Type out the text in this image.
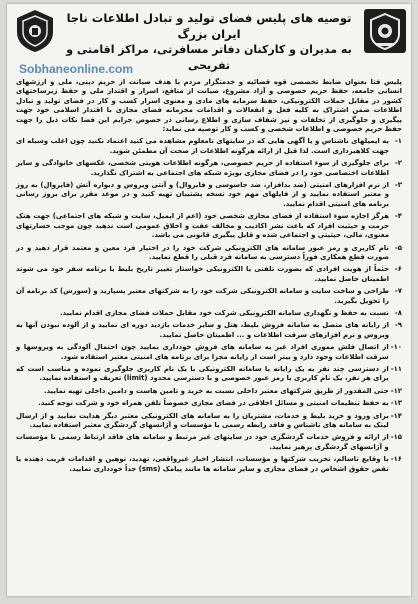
توصیه های پلیس فضای تولید و تبادل اطلاعات ناجا ایران بزرگ
به مدیران و کارکنان دفاتر مسافرتی، مراکز اقامتی و تفریحی
Sobhaneonline.com

پلیس فتا بعنوان ضابط تخصصی قوه قضائیه و خدمتگزار مردم با هدف صیانت از حریم دینی، ملی و ارزشهای انسانی جامعه، حفظ حریم خصوصی و آزاد مشروع، صیانت از منافع، اسرار و اقتدار ملی و حفظ زیرساختهای کشور در مقابل حملات الکترونیکی، حفظ سرمایه های مادی و معنوی اسرار کسب و کار در فضای تولید و تبادل اطلاعات ضمن اشتراک به کلیه فعل و انفعالات و اقدامات مجرمانه فضای مجازی با اقتدار اسلامی خود جهت پیگیری و جلوگیری از تخلفات و نیز شفاف سازی و اطلاع رسانی در خصوص جرایم این فضا نکات ذیل را جهت حفظ حریم خصوصی و اطلاعات شخصی و کسب و کار توصیه می نماید:

۱-
به ایمیلهای ناشناس و یا آگهی هایی که در سایتهای نامعلوم مشاهده می کنید اعتماد نکنید چون اغلب وسیله ای جهت کلاهبرداری است. لذا قبل از ارائه هرگونه اطلاعات از صحت آن مطمئن شوید.
۲-
برای جلوگیری از سوء استفاده از حریم خصوصی، هرگونه اطلاعات هویتی شخصی، عکسهای خانوادگی و سایر اطلاعات اختصاصی خود را در فضای مجازی بویژه شبکه های اجتماعی به اشتراک نگذارید.
۳-
از نرم افزارهای امنیتی (ضد بدافزار، ضد جاسوسی و فایروال) و آنتی ویروس و دیواره آتش (فایروال) به روز و معتبر استفاده نمایید و از فایلهای مهم خود نسخه پشتیبان تهیه کنید و در موعد مقرر برای بروز رسانی برنامه های امنیتی اقدام نمایید.
۴-
هرگز اجازه سوء استفاده از فضای مجازی شخصی خود (اعم از ایمیل، سایت و شبکه های اجتماعی) جهت هتک حرمت و حیثیت افراد که باعث نشر اکاذیب و مخالف عفت و اخلاق عمومی است ندهید چون موجب خسارتهای معنوی، مالی، حیثیتی و اجتماعی شده و قابل پیگیری قانونی می باشد.
۵-
نام کاربری و رمز عبور سامانه های الکترونیکی شرکت خود را در اختیار فرد معین و معتمد قرار دهید و در صورت قطع همکاری فوراً دسترسی به سامانه فرد قبلی را قطع نمایید.
۶-
حتماً از هویت افرادی که بصورت تلفنی یا الکترونیکی خواستار تغییر تاریخ بلیط یا برنامه سفر خود می شوند اطمینان حاصل نمایید.
۷-
طراحی و ساخت سایت و سامانه الکترونیکی شرکت خود را به شرکتهای معتبر بسپارید و (سورس) کد برنامه آن را تحویل بگیرید.
۸-
نسبت به حفظ و نگهداری سامانه الکترونیکی شرکت خود مقابل حملات فضای مجازی اقدام نمایید.
۹-
از رایانه های متصل به سامانه فروش بلیط، هتل و سایر خدمات بازدید دوره ای نمایید و از آلوده نبودن آنها به ویروس و نرم افزارهای سرقت اطلاعات و ... اطمینان حاصل نمایید.
۱۰-
از اتصال فلش مموری افراد غیر به سامانه های فروش خودداری نمایید چون احتمال آلودگی به ویروسها و سرقت اطلاعات وجود دارد و بیتر است از رایانه مجزا برای برنامه های امنیتی معتبر استفاده شود.
۱۱-
از دسترسی چند نفر به یک رایانه یا سامانه الکترونیکی با یک نام کاربری جلوگیری نموده و مناسب است که برای هر نفر، یک نام کاربری با رمز عبور خصوصی و با دسترسی محدود (limit) تعریف و استفاده نمایید.
۱۲-
حتی المقدور از طریق شرکتهای معتبر داخلی نسبت به خرید و تامین هاست و دامین داخلی تهیه نمایید.
۱۳-
به حفظ تنظیمات امنیتی و مسائل اخلاقی در فضای مجازی خصوصاً تلفن همراه خود و شرکت توجه کنید.
۱۴-
برای ورود و خرید بلیط و خدمات، مشتریان را به سامانه های الکترونیکی معتبر دیگر هدایت نمایید و از ارسال لینک به سامانه های ناشناس و فاقد رابطه رسمی با مؤسسات و آژانسهای گردشگری معتبر استفاده نمایید.
۱۵-
از ارائه و فروش خدمات گردشگری خود در سایتهای غیر مرتبط و سامانه های فاقد ارتباط رسمی با مؤسسات و آژانسهای گردشگری پرهیز نمایید.
۱۶-
با وقایع ناسالم، تخریب شرکتها و مؤسسات، انتشار اخبار غیرواقعی، تهدید، توهین و اقدامات فریب دهنده یا نقض حقوق اشخاص در فضای مجازی و سایر سامانه ها مانند پیامک (sms) جداً خودداری نمایید.
